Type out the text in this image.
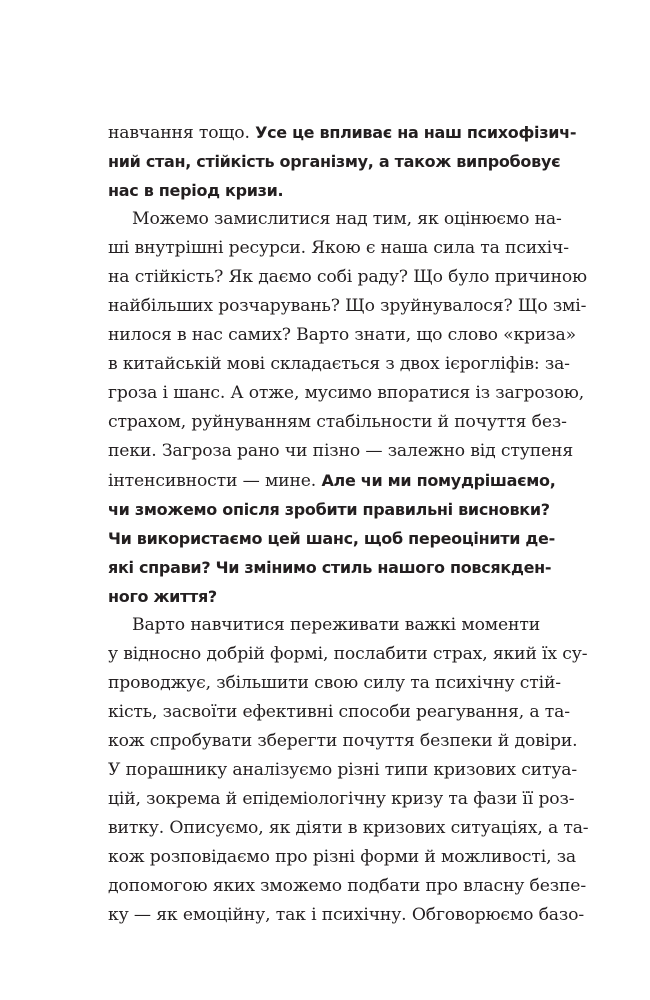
навчання тощо. Усе це впливає на наш психофізич-
ний стан, стійкість організму, а також випробовує
нас в період кризи.
Можемо замислитися над тим, як оцінюємо на-
ші внутрішні ресурси. Якою є наша сила та психіч-
на стійкість? Як даємо собі раду? Що було причиною
найбільших розчарувань? Що зруйнувалося? Що змі-
нилося в нас самих? Варто знати, що слово «криза»
в китайській мові складається з двох ієрогліфів: за-
гроза і шанс. А отже, мусимо впоратися із загрозою,
страхом, руйнуванням стабільности й почуття без-
пеки. Загроза рано чи пізно — залежно від ступеня
інтенсивности — мине. Але чи ми помудрішаємо,
чи зможемо опісля зробити правильні висновки?
Чи використаємо цей шанс, щоб переоцінити де-
які справи? Чи змінимо стиль нашого повсякден-
ного життя?
Варто навчитися переживати важкі моменти
у відносно добрій формі, послабити страх, який їх су-
проводжує, збільшити свою силу та психічну стій-
кість, засвоїти ефективні способи реагування, а та-
кож спробувати зберегти почуття безпеки й довіри.
У порашнику аналізуємо різні типи кризових ситуа-
цій, зокрема й епідеміологічну кризу та фази її роз-
витку. Описуємо, як діяти в кризових ситуаціях, а та-
кож розповідаємо про різні форми й можливості, за
допомогою яких зможемо подбати про власну безпе-
ку — як емоційну, так і психічну. Обговорюємо базо-
